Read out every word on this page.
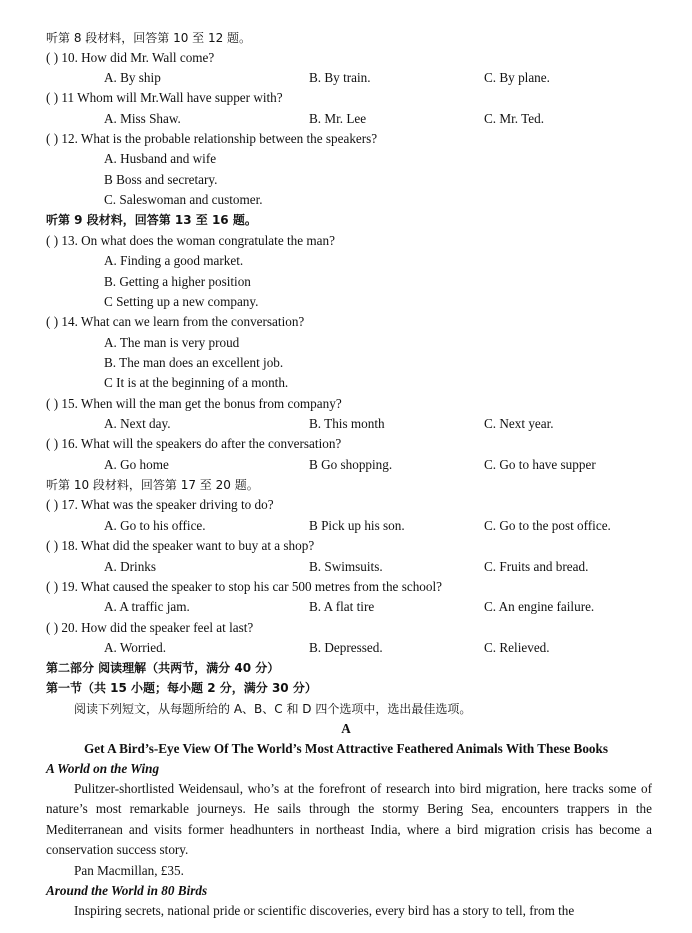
听第 8 段材料，回答第 10 至 12 题。
( ) 10. How did Mr. Wall come?
A. By ship	B. By train.	C. By plane.
( ) 11 Whom will Mr.Wall have supper with?
A. Miss Shaw.	B. Mr. Lee	C. Mr. Ted.
( ) 12. What is the probable relationship between the speakers?
A. Husband and wife
B Boss and secretary.
C. Saleswoman and customer.
听第 9 段材料，回答第 13 至 16 题。
( ) 13. On what does the woman congratulate the man?
A. Finding a good market.
B. Getting a higher position
C Setting up a new company.
( ) 14. What can we learn from the conversation?
A. The man is very proud
B. The man does an excellent job.
C It is at the beginning of a month.
( ) 15. When will the man get the bonus from company?
A. Next day.	B. This month	C. Next year.
( ) 16. What will the speakers do after the conversation?
A. Go home	B Go shopping.	C. Go to have supper
听第 10 段材料，回答第 17 至 20 题。
( ) 17. What was the speaker driving to do?
A. Go to his office.	B Pick up his son.	C. Go to the post office.
( ) 18. What did the speaker want to buy at a shop?
A. Drinks	B. Swimsuits.	C. Fruits and bread.
( ) 19. What caused the speaker to stop his car 500 metres from the school?
A. A traffic jam.	B. A flat tire	C. An engine failure.
( ) 20. How did the speaker feel at last?
A. Worried.	B. Depressed.	C. Relieved.
第二部分 阅读理解（共两节，满分 40 分）
第一节（共 15 小题；每小题 2 分，满分 30 分）
阅读下列短文，从每题所给的 A、B、C 和 D 四个选项中，选出最佳选项。
A
Get A Bird’s-Eye View Of The World’s Most Attractive Feathered Animals With These Books
A World on the Wing
Pulitzer-shortlisted Weidensaul, who’s at the forefront of research into bird migration, here tracks some of nature’s most remarkable journeys. He sails through the stormy Bering Sea, encounters trappers in the Mediterranean and visits former headhunters in northeast India, where a bird migration crisis has become a conservation success story.
Pan Macmillan, £35.
Around the World in 80 Birds
Inspiring secrets, national pride or scientific discoveries, every bird has a story to tell, from the
